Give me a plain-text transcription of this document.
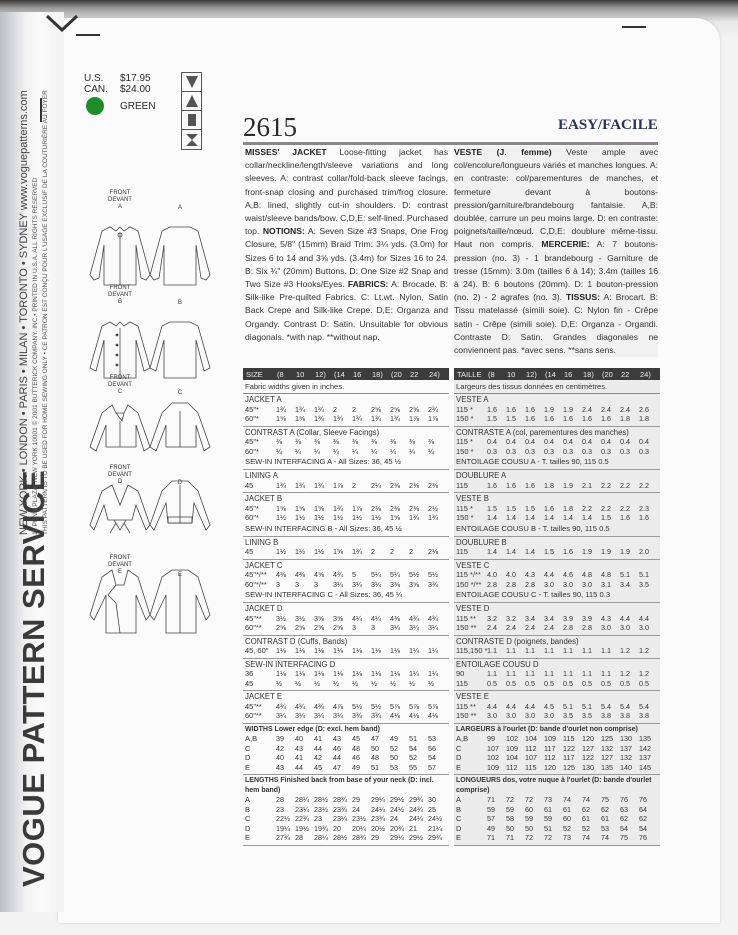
VOGUE PATTERN SERVICE
NEW YORK • LONDON • PARIS • MILAN • TORONTO • SYDNEY www.voguepatterns.com 11 PENN PLAZA, NEW YORK 10001 © 2001 BUTTERICK COMPANY, INC.• PRINTED IN U.S.A. ALL RIGHTS RESERVED THIS PATTERN IS TO BE USED FOR HOME SEWING ONLY • CE PATRON EST CONÇU POUR L'USAGE EXCLUSIF DE LA COUTURIÈRE AU FOYER
U.S.	$17.95
CAN.	$24.00
GREEN
FRONT
DEVANT
A	A
FRONT
DEVANT
B	B
FRONT
DEVANT
C	C
FRONT
DEVANT
D	D
FRONT
DEVANT
E	E
2615	EASY/FACILE
MISSES' JACKET Loose-fitting jacket has collar/neckline/length/sleeve variations and long sleeves. A: contrast collar/fold-back sleeve facings, front-snap closing and purchased trim/frog closure. A,B: lined, slightly cut-in shoulders. D: contrast waist/sleeve bands/bow. C,D,E: self-lined. Purchased top. NOTIONS: A: Seven Size #3 Snaps, One Frog Closure, 5/8" (15mm) Braid Trim: 3¼ yds. (3.0m) for Sizes 6 to 14 and 3⅝ yds. (3.4m) for Sizes 16 to 24. B: Six ¾" (20mm) Buttons. D: One Size #2 Snap and Two Size #3 Hooks/Eyes. FABRICS: A: Brocade. B: Silk-like Pre-quilted Fabrics. C: Lt.wt. Nylon, Satin Back Crepe and Silk-like Crepe. D,E: Organza and Organdy. Contrast D: Satin. Unsuitable for obvious diagonals. *with nap. **without nap.
VESTE (J. femme) Veste ample avec col/encolure/longueurs variés et manches longues. A: en contraste: col/parementures de manches, et fermeture devant à boutons-pression/garniture/brandebourg fantaisie. A,B: doublée, carrure un peu moins large. D: en contraste: poignets/taille/nœud. C,D,E: doublure même-tissu. Haut non compris. MERCERIE: A: 7 boutons-pression (no. 3) - 1 brandebourg - Garniture de tresse (15mm): 3.0m (tailles 6 à 14); 3.4m (tailles 16 à 24). B: 6 boutons (20mm). D: 1 bouton-pression (no. 2) - 2 agrafes (no. 3). TISSUS: A: Brocart. B: Tissu matelassé (simili soie). C: Nylon fin - Crêpe satin - Crêpe (simili soie). D,E: Organza - Organdi. Contraste D: Satin. Grandes diagonales ne conviennent pas. *avec sens. **sans sens.
SIZE	(8	10	12)	(14	16	18)	(20	22	24)
Fabric widths given in inches.
JACKET A
45"*	1¾	1¾	1¾	2	2	2⅝	2⅝	2⅝	2¾
60"*	1⅝	1⅝	1¾	1¾	1¾	1¾	1¾	1⅞	1⅞
CONTRAST A (Collar, Sleeve Facings)
45"*	⅜	⅜	⅜	⅜	⅜	⅜	⅜	⅜	⅜
60"*	¼	¼	¼	¼	¼	¼	¼	¼	¼
SEW-IN INTERFACING A - All Sizes: 36, 45 ½
LINING A
45	1¾	1¾	1¾	1⅞	2	2¼	2⅜	2⅜	2⅜
JACKET B
45"*	1⅝	1⅝	1⅝	1¾	1⅞	2⅜	2⅜	2⅜	2½
60"*	1½	1½	1½	1½	1½	1½	1⅝	1¾	1¾
SEW-IN INTERFACING B - All Sizes: 36, 45 ½
LINING B
45	1½	1½	1½	1⅝	1¾	2	2	2	2⅛
JACKET C
45"*/**	4⅜	4⅜	4⅝	4¾	5	5¼	5¼	5½	5½
60"*/**	3	3	3	3¼	3¼	3¼	3⅜	3⅝	3¾
SEW-IN INTERFACING C - All Sizes: 36, 45 ¼
JACKET D
45"**	3½	3½	3⅝	3⅝	4¼	4¼	4⅜	4¾	4¾
60"**	2⅝	2⅝	2⅝	2⅝	3	3	3¼	3¼	3¼
CONTRAST D (Cuffs, Bands)
45, 60"	1⅛	1⅛	1⅛	1⅛	1⅛	1⅛	1⅛	1¼	1¼
SEW-IN INTERFACING D
36	1⅛	1⅛	1⅛	1⅛	1⅛	1⅛	1⅛	1¼	1¼
45	½	½	½	½	½	½	½	½	½
JACKET E
45"**	4¾	4¾	4¾	4⅞	5½	5½	5⅞	5⅞	5⅞
60"**	3¼	3¼	3¼	3¼	3¾	3¾	4⅛	4⅛	4⅛
WIDTHS Lower edge (D: excl. hem band)
A,B	39	40	41	43	45	47	49	51	53
C	42	43	44	46	48	50	52	54	56
D	40	41	42	44	46	48	50	52	54
E	43	44	45	47	49	51	53	55	57
LENGTHS Finished back from base of your neck (D: incl. hem band)
A	28	28¼ 28½ 28¾ 29	29¼ 29½ 29¾ 30
B	23	23¼ 23½ 23¾ 24	24¼ 24½ 24¾ 25
C	22½ 22¾ 23	23¼ 23½ 23¾ 24	24¼ 24½
D	19¼ 19½ 19¾ 20	20¼ 20½ 20¾ 21	21¼
E	27¾ 28	28¼ 28½ 28¾ 29	29¼ 29½ 29¾
TAILLE (8	10	12)	(14	16	18)	(20	22	24)
Largeurs des tissus données en centimètres.
VESTE A
115 *	1.6	1.6	1.6	1.9	1.9	2.4	2.4	2.4	2.6
150 *	1.5	1.5	1.6	1.6	1.6	1.6	1.6	1.8	1.8
CONTRASTE A (col, parementures des manches)
115 *	0.4	0.4	0.4	0.4	0.4	0.4	0.4	0.4	0.4
150 *	0.3	0.3	0.3	0.3	0.3	0.3	0.3	0.3	0.3
ENTOILAGE COUSU A - T. tailles 90, 115 0.5
DOUBLURE A
115	1.6	1.6	1.6	1.8	1.9	2.1	2.2	2.2	2.2
VESTE B
115 *	1.5	1.5	1.5	1.6	1.8	2.2	2.2	2.2	2.3
150 *	1.4	1.4	1.4	1.4	1.4	1.4	1.5	1.6	1.6
ENTOILAGE COUSU B - T. tailles 90, 115 0.5
DOUBLURE B
115	1.4	1.4	1.4	1.5	1.6	1.9	1.9	1.9	2.0
VESTE C
115 */** 4.0	4.0	4.3	4.4	4.6	4.8	4.8	5.1	5.1
150 */** 2.8	2.8	2.8	3.0	3.0	3.0	3.1	3.4	3.5
ENTOILAGE COUSU C - T. tailles 90, 115 0.3
VESTE D
115 **	3.2	3.2	3.4	3.4	3.9	3.9	4.3	4.4	4.4
150 **	2.4	2.4	2.4	2.4	2.8	2.8	3.0	3.0	3.0
CONTRASTE D (poignets, bandes)
115,150 * 1.1	1.1	1.1	1.1	1.1	1.1	1.1	1.2	1.2
ENTOILAGE COUSU D
90	1.1	1.1	1.1	1.1	1.1	1.1	1.1	1.2	1.2
115	0.5	0.5	0.5	0.5	0.5	0.5	0.5	0.5	0.5
VESTE E
115 **	4.4	4.4	4.4	4.5	5.1	5.1	5.4	5.4	5.4
150 **	3.0	3.0	3.0	3.0	3.5	3.5	3.8	3.8	3.8
LARGEURS à l'ourlet (D: bande d'ourlet non comprise)
A,B	99	102 104 109 115	120 125 130 135
C	107 109 112	117	122 127 132 137 142
D	102 104 107 112	117	122 127 132 137
E	109 112	115	120 125 130 135 140 145
LONGUEURS dos, votre nuque à l'ourlet (D: bande d'ourlet comprise)
A	71	72	72	73	74	74	75	76	76
B	59	59	60	61	61	62	62	63	64
C	57	58	59	59	60	61	61	62	62
D	49	50	50	51	52	52	53	54	54
E	71	71	72	72	73	74	74	75	76
